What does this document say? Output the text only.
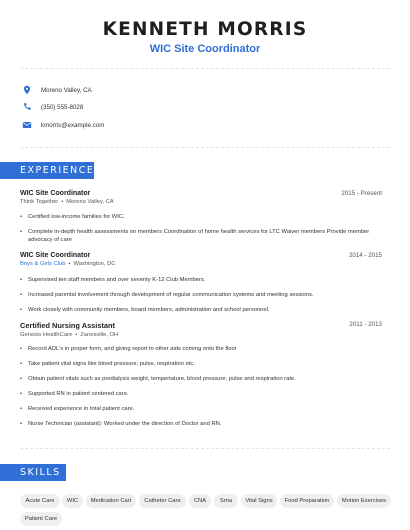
KENNETH MORRIS
WIC Site Coordinator
Moreno Valley, CA
(350) 555-8028
kmorris@example.com
EXPERIENCE
WIC Site Coordinator	2015 - Present
Think Together • Moreno Valley, CA
• Certified low-income families for WIC.
• Complete in-depth health assessments on members Coordination of home health services for LTC Waiver members Provide member advocacy of care
WIC Site Coordinator	2014 - 2015
Boys & Girls Club • Washington, DC
• Supervised ten staff members and over seventy K-12 Club Members.
• Increased parental involvement through development of regular communication systems and meeting sessions.
• Work closely with community members, board members, administration and school personnel.
Certified Nursing Assistant	2011 - 2013
Genesis HealthCare • Zanesville, OH
• Record ADL's in proper form, and giving report to other aids coming onto the floor
• Take patient vital signs like blood pressure, pulse, respiration etc.
• Obtain patient vitals such as predialysis weight, tempertature, blood pressure, pulse and respiration rate.
• Supported RN in patient centered care.
• Received experience in total patient care.
• Nurse Technician (assistant): Worked under the direction of Doctor and RN.
SKILLS
Acute Care	WIC	Medication Cart	Catheter Care	CNA	Srna	Vital Signs	Food Preparation	Motion Exercises
Patient Care
